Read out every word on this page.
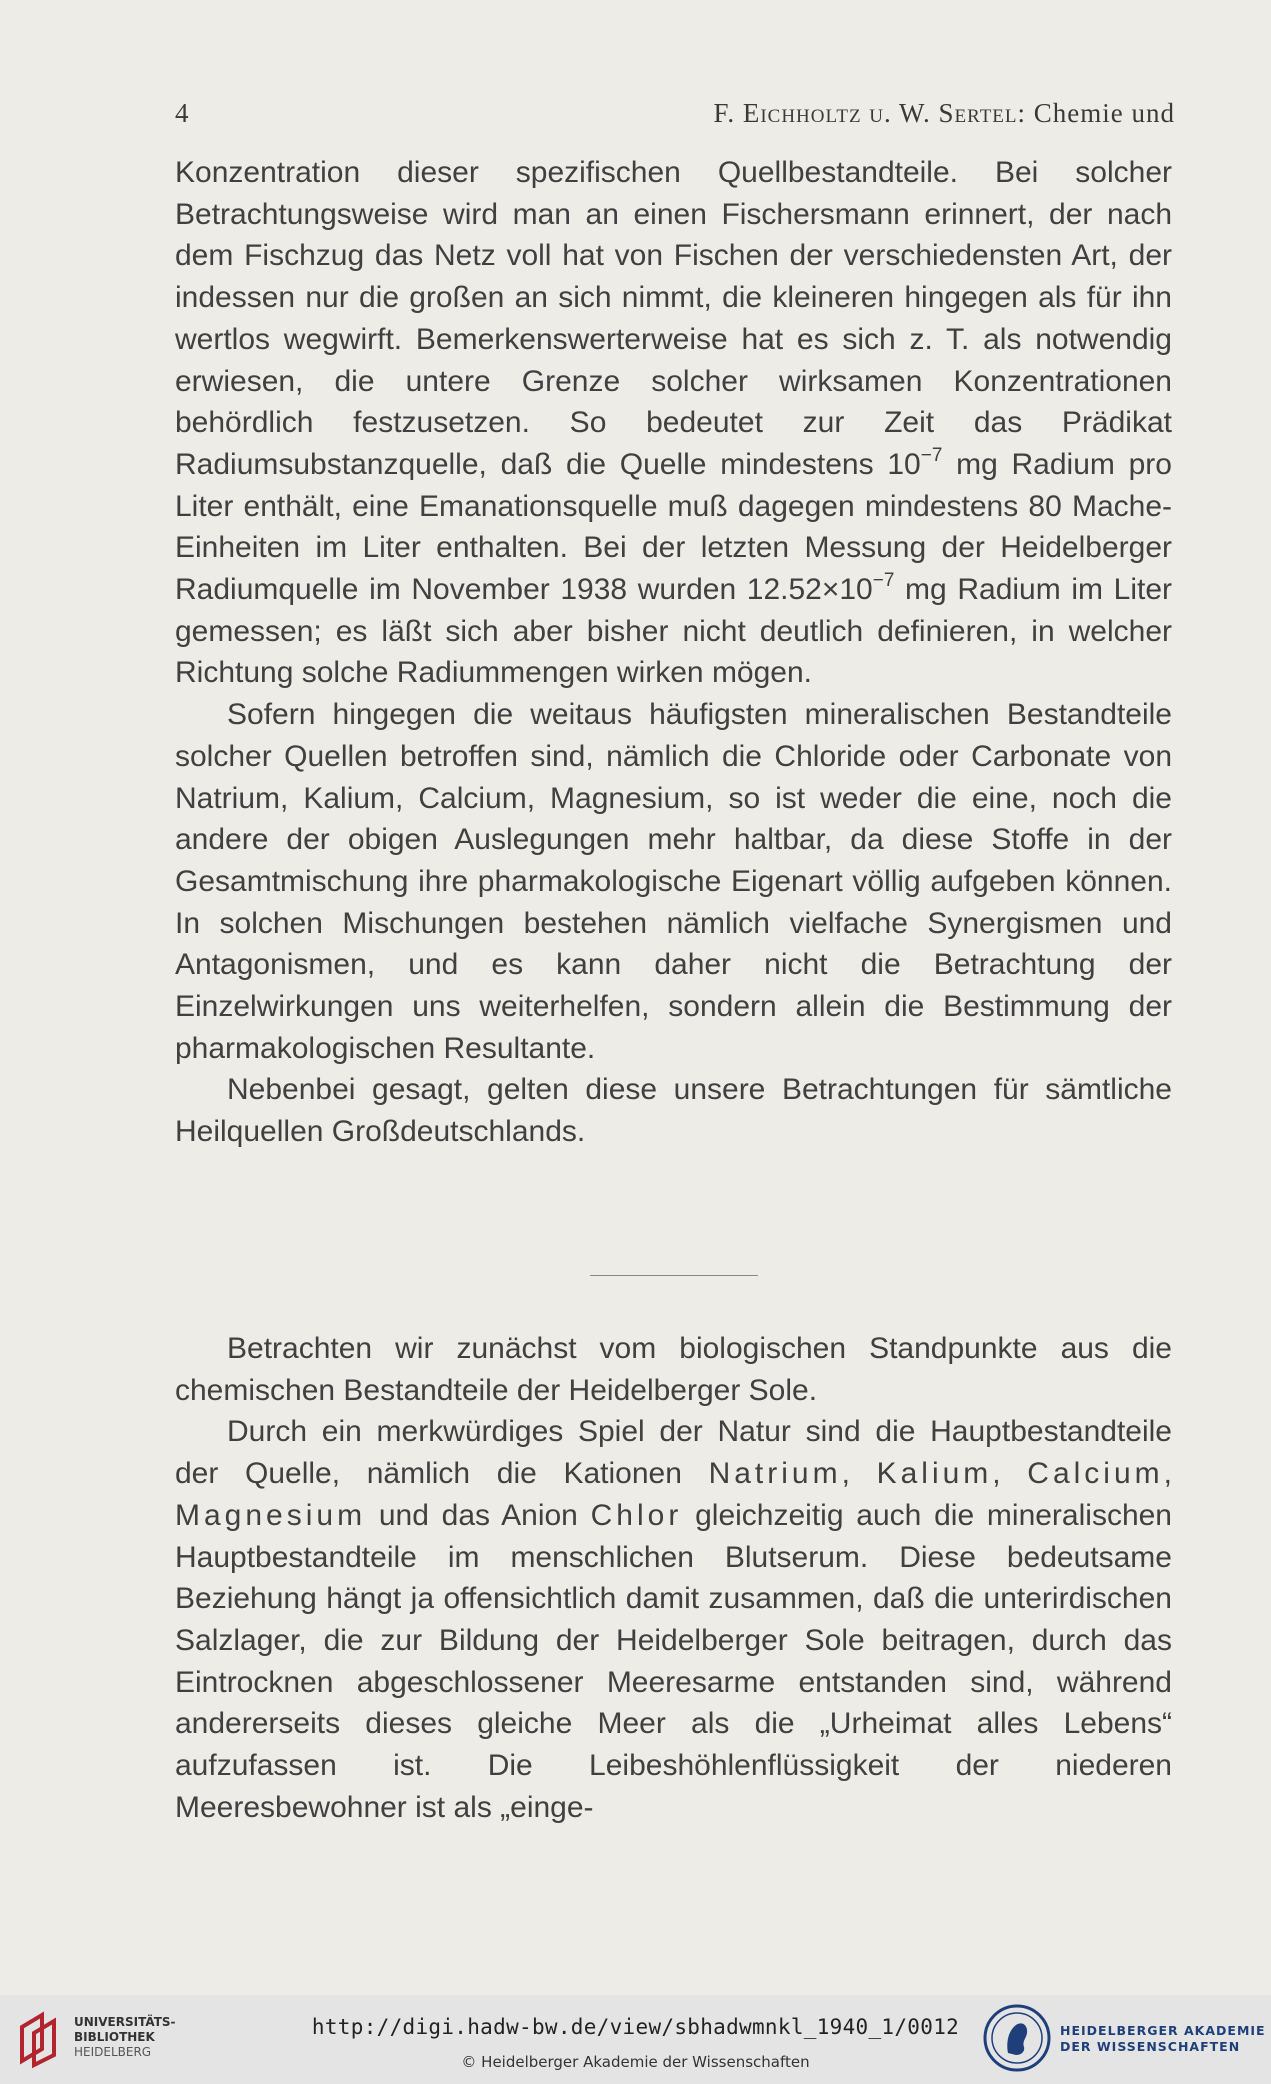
4	F. Eichholtz u. W. Sertel: Chemie und

Konzentration dieser spezifischen Quellbestandteile. Bei solcher Betrachtungsweise wird man an einen Fischersmann erinnert, der nach dem Fischzug das Netz voll hat von Fischen der verschiedensten Art, der indessen nur die großen an sich nimmt, die kleineren hingegen als für ihn wertlos wegwirft. Bemerkenswerterweise hat es sich z. T. als notwendig erwiesen, die untere Grenze solcher wirksamen Konzentrationen behördlich festzusetzen. So bedeutet zur Zeit das Prädikat Radiumsubstanzquelle, daß die Quelle mindestens $10^{-7}$ mg Radium pro Liter enthält, eine Emanationsquelle muß dagegen mindestens 80 Mache-Einheiten im Liter enthalten. Bei der letzten Messung der Heidelberger Radiumquelle im November 1938 wurden $12.52\times 10^{-7}$ mg Radium im Liter gemessen; es läßt sich aber bisher nicht deutlich definieren, in welcher Richtung solche Radiummengen wirken mögen.

Sofern hingegen die weitaus häufigsten mineralischen Bestandteile solcher Quellen betroffen sind, nämlich die Chloride oder Carbonate von Natrium, Kalium, Calcium, Magnesium, so ist weder die eine, noch die andere der obigen Auslegungen mehr haltbar, da diese Stoffe in der Gesamtmischung ihre pharmakologische Eigenart völlig aufgeben können. In solchen Mischungen bestehen nämlich vielfache Synergismen und Antagonismen, und es kann daher nicht die Betrachtung der Einzelwirkungen uns weiterhelfen, sondern allein die Bestimmung der pharmakologischen Resultante.

Nebenbei gesagt, gelten diese unsere Betrachtungen für sämtliche Heilquellen Großdeutschlands.

Betrachten wir zunächst vom biologischen Standpunkte aus die chemischen Bestandteile der Heidelberger Sole.

Durch ein merkwürdiges Spiel der Natur sind die Hauptbestandteile der Quelle, nämlich die Kationen Natrium, Kalium, Calcium, Magnesium und das Anion Chlor gleichzeitig auch die mineralischen Hauptbestandteile im menschlichen Blutserum. Diese bedeutsame Beziehung hängt ja offensichtlich damit zusammen, daß die unterirdischen Salzlager, die zur Bildung der Heidelberger Sole beitragen, durch das Eintrocknen abgeschlossener Meeresarme entstanden sind, während andererseits dieses gleiche Meer als die „Urheimat alles Lebens“ aufzufassen ist. Die Leibeshöhlenflüssigkeit der niederen Meeresbewohner ist als „einge-

UNIVERSITÄTS-
BIBLIOTHEK
HEIDELBERG
http://digi.hadw-bw.de/view/sbhadwmnkl_1940_1/0012
© Heidelberger Akademie der Wissenschaften
HEIDELBERGER AKADEMIE
DER WISSENSCHAFTEN
